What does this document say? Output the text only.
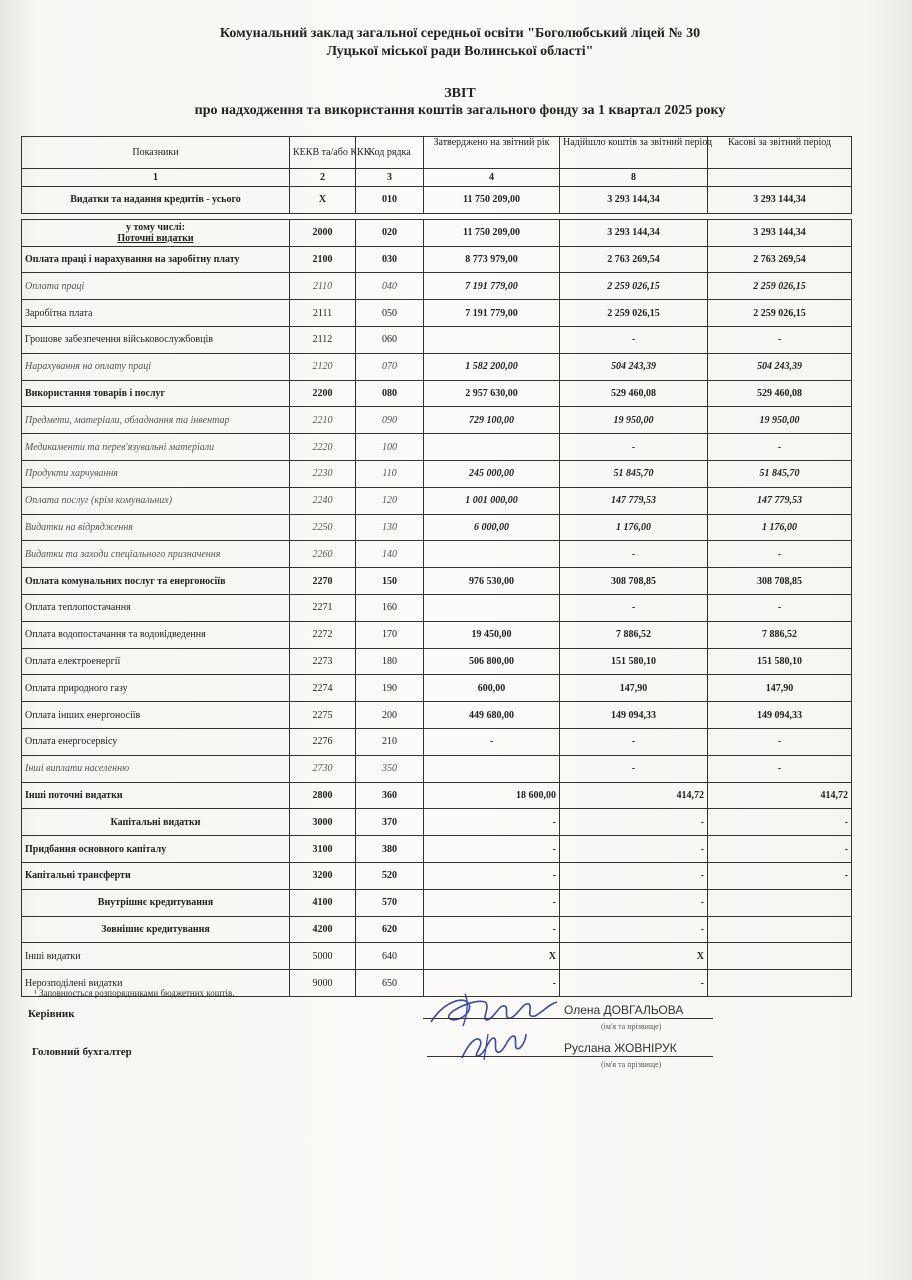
Комунальний заклад загальної середньої освіти "Боголюбський ліцей № 30
Луцької міської ради Волинської області"
ЗВІТ
про надходження та використання коштів загального фонду за 1 квартал 2025 року
Показники	КЕКВ та/або ККК	Код рядка	Затверджено на звітний рік	Надійшло коштів за звітний період	Касові за звітний період
1	2	3	4	8	
Видатки та надання кредитів - усього	X	010	11 750 209,00	3 293 144,34	3 293 144,34

у тому числі:
Поточні видатки	2000	020	11 750 209,00	3 293 144,34	3 293 144,34
Оплата праці і нарахування на заробітну плату	2100	030	8 773 979,00	2 763 269,54	2 763 269,54
Оплата праці	2110	040	7 191 779,00	2 259 026,15	2 259 026,15
Заробітна плата	2111	050	7 191 779,00	2 259 026,15	2 259 026,15
Грошове забезпечення військовослужбовців	2112	060		-	-
Нарахування на оплату праці	2120	070	1 582 200,00	504 243,39	504 243,39
Використання товарів і послуг	2200	080	2 957 630,00	529 460,08	529 460,08
Предмети, матеріали, обладнання та інвентар	2210	090	729 100,00	19 950,00	19 950,00
Медикаменти та перев'язувальні матеріали	2220	100		-	-
Продукти харчування	2230	110	245 000,00	51 845,70	51 845,70
Оплата послуг (крім комунальних)	2240	120	1 001 000,00	147 779,53	147 779,53
Видатки на відрядження	2250	130	6 000,00	1 176,00	1 176,00
Видатки та заходи спеціального призначення	2260	140		-	-
Оплата комунальних послуг та енергоносіїв	2270	150	976 530,00	308 708,85	308 708,85
Оплата теплопостачання	2271	160		-	-
Оплата водопостачання та водовідведення	2272	170	19 450,00	7 886,52	7 886,52
Оплата електроенергії	2273	180	506 800,00	151 580,10	151 580,10
Оплата природного газу	2274	190	600,00	147,90	147,90
Оплата інших енергоносіїв	2275	200	449 680,00	149 094,33	149 094,33
Оплата енергосервісу	2276	210	-	-	-
Інші виплати населенню	2730	350		-	-
Інші поточні видатки	2800	360	18 600,00	414,72	414,72
Капітальні видатки	3000	370	-	-	-
Придбання основного капіталу	3100	380	-	-	-
Капітальні трансферти	3200	520	-	-	-
Внутрішнє кредитування	4100	570	-	-	
Зовнішнє кредитування	4200	620	-	-	
Інші видатки	5000	640	X	X	
Нерозподілені видатки	9000	650	-	-	
¹ Заповнюється розпорядниками бюджетних коштів.
Керівник
Головний бухгалтер
Олена ДОВГАЛЬОВА
Руслана ЖОВНІРУК
(ім'я та прізвище)
(ім'я та прізвище)
